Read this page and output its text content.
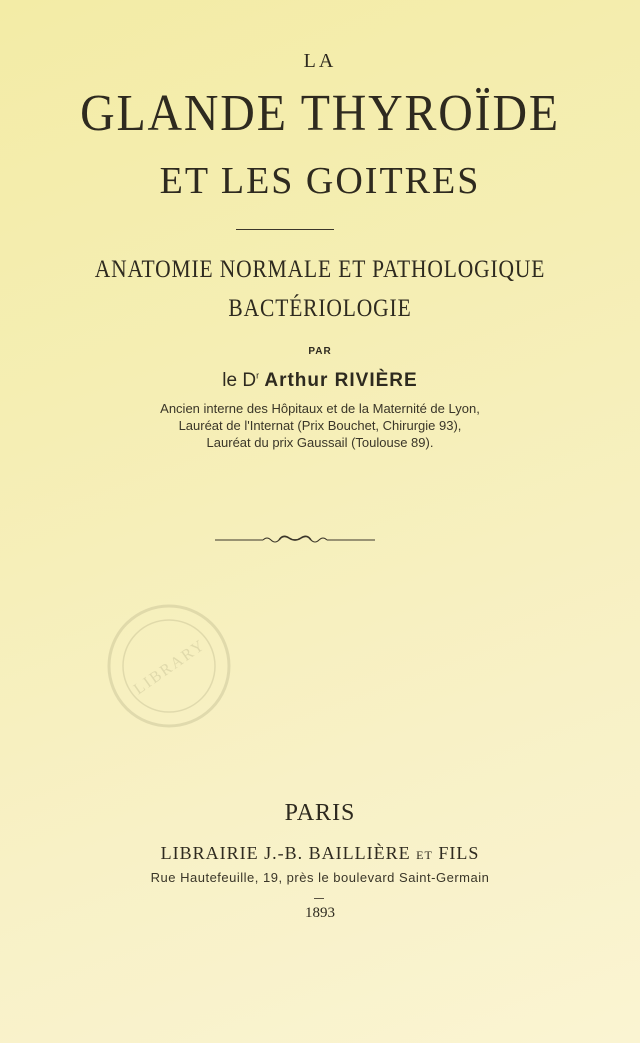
LA
GLANDE THYROÏDE
ET LES GOITRES
ANATOMIE NORMALE ET PATHOLOGIQUE
BACTÉRIOLOGIE
PAR
le $D^r$ Arthur RIVIÈRE
Ancien interne des Hôpitaux et de la Maternité de Lyon,
Lauréat de l'Internat (Prix Bouchet, Chirurgie 93),
Lauréat du prix Gaussail (Toulouse 89).
LIBRARY
PARIS
LIBRAIRIE J.-B. BAILLIÈRE ET FILS
Rue Hautefeuille, 19, près le boulevard Saint-Germain
1893
